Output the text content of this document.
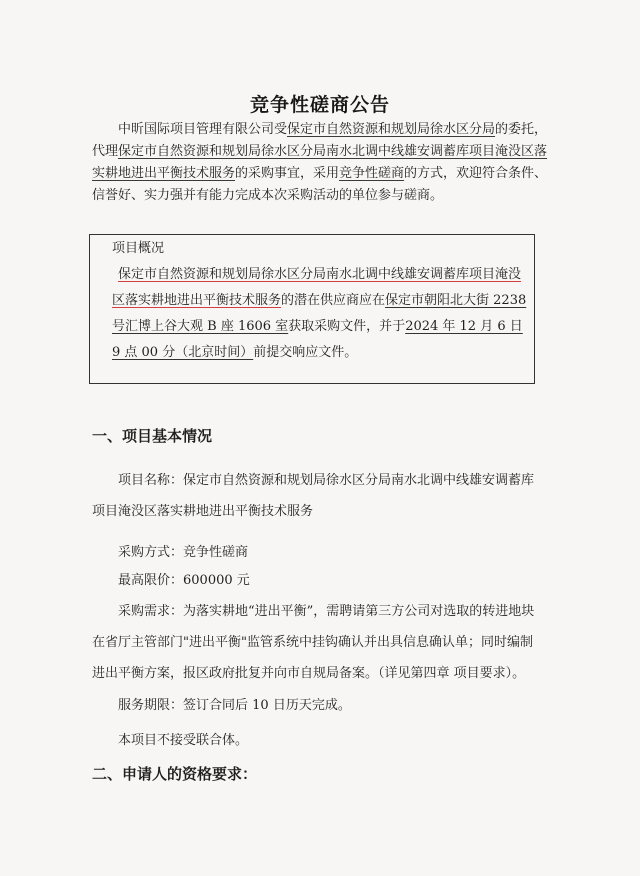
竞争性磋商公告
中昕国际项目管理有限公司受保定市自然资源和规划局徐水区分局的委托，代理保定市自然资源和规划局徐水区分局南水北调中线雄安调蓄库项目淹没区落实耕地进出平衡技术服务的采购事宜，采用竞争性磋商的方式，欢迎符合条件、信誉好、实力强并有能力完成本次采购活动的单位参与磋商。
项目概况
保定市自然资源和规划局徐水区分局南水北调中线雄安调蓄库项目淹没区落实耕地进出平衡技术服务的潜在供应商应在保定市朝阳北大街 2238 号汇博上谷大观 B 座 1606 室获取采购文件，并于2024 年 12 月 6 日 9 点 00 分（北京时间）前提交响应文件。
一、项目基本情况
项目名称：保定市自然资源和规划局徐水区分局南水北调中线雄安调蓄库项目淹没区落实耕地进出平衡技术服务
采购方式：竞争性磋商
最高限价：600000 元
采购需求：为落实耕地“进出平衡”，需聘请第三方公司对选取的转进地块在省厅主管部门"进出平衡"监管系统中挂钩确认并出具信息确认单；同时编制进出平衡方案，报区政府批复并向市自规局备案。（详见第四章 项目要求）。
服务期限：签订合同后 10 日历天完成。
本项目不接受联合体。
二、申请人的资格要求：
